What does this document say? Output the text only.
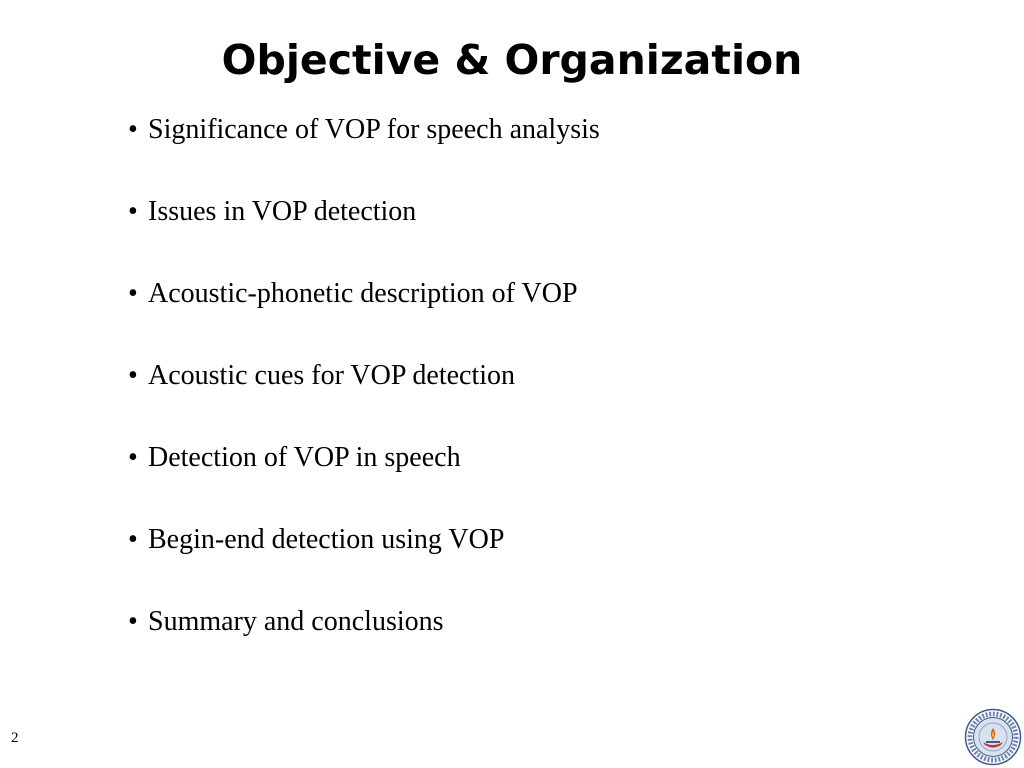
Objective & Organization
• Significance of VOP for speech analysis
• Issues in VOP detection
• Acoustic-phonetic description of VOP
• Acoustic cues for VOP detection
• Detection of VOP in speech
• Begin-end detection using VOP
• Summary and conclusions
2
